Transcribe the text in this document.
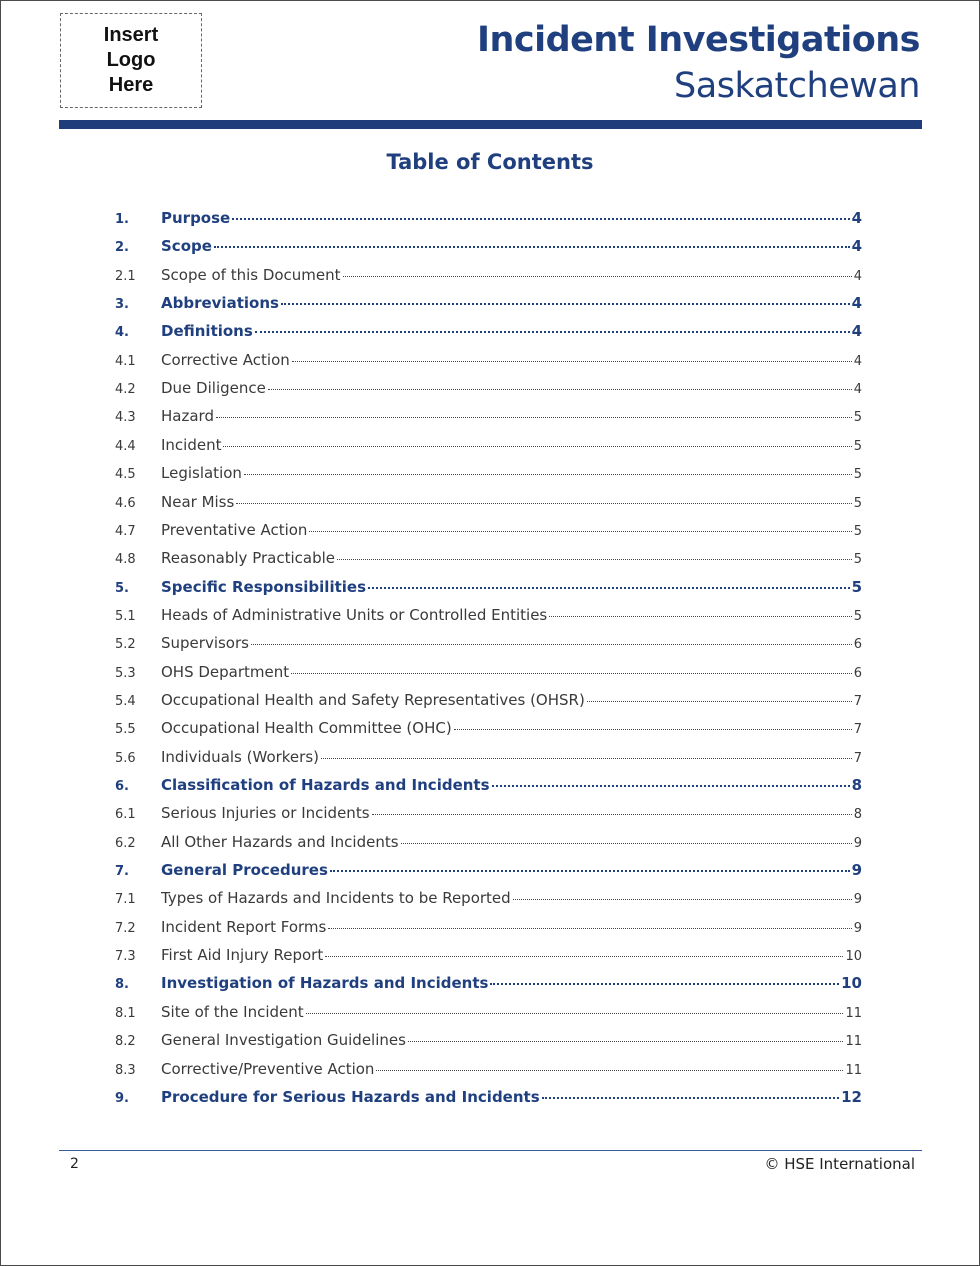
Insert
Logo
Here
Incident Investigations
Saskatchewan
Table of Contents
1.	Purpose	4
2.	Scope	4
2.1	Scope of this Document	4
3.	Abbreviations	4
4.	Definitions	4
4.1	Corrective Action	4
4.2	Due Diligence	4
4.3	Hazard	5
4.4	Incident	5
4.5	Legislation	5
4.6	Near Miss	5
4.7	Preventative Action	5
4.8	Reasonably Practicable	5
5.	Specific Responsibilities	5
5.1	Heads of Administrative Units or Controlled Entities	5
5.2	Supervisors	6
5.3	OHS Department	6
5.4	Occupational Health and Safety Representatives (OHSR)	7
5.5	Occupational Health Committee (OHC)	7
5.6	Individuals (Workers)	7
6.	Classification of Hazards and Incidents	8
6.1	Serious Injuries or Incidents	8
6.2	All Other Hazards and Incidents	9
7.	General Procedures	9
7.1	Types of Hazards and Incidents to be Reported	9
7.2	Incident Report Forms	9
7.3	First Aid Injury Report	10
8.	Investigation of Hazards and Incidents	10
8.1	Site of the Incident	11
8.2	General Investigation Guidelines	11
8.3	Corrective/Preventive Action	11
9.	Procedure for Serious Hazards and Incidents	12
2	© HSE International
